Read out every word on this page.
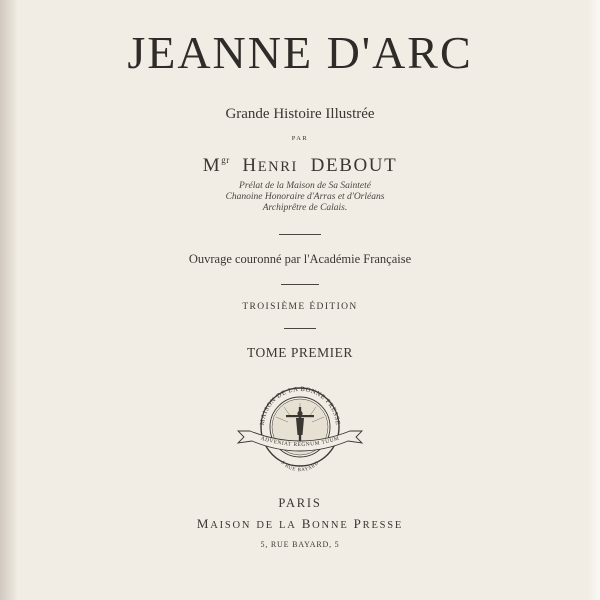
JEANNE D'ARC
Grande Histoire Illustrée
PAR
$M^{gr}$ HENRI DEBOUT
Prélat de la Maison de Sa Sainteté
Chanoine Honoraire d'Arras et d'Orléans
Archiprêtre de Calais.
Ouvrage couronné par l'Académie Française
TROISIÈME ÉDITION
TOME PREMIER
MAISON DE LA BONNE PRESSE
ADVENIAT REGNUM TUUM
5 RUE BAYARD
PARIS
MAISON DE LA BONNE PRESSE
5, RUE BAYARD, 5
